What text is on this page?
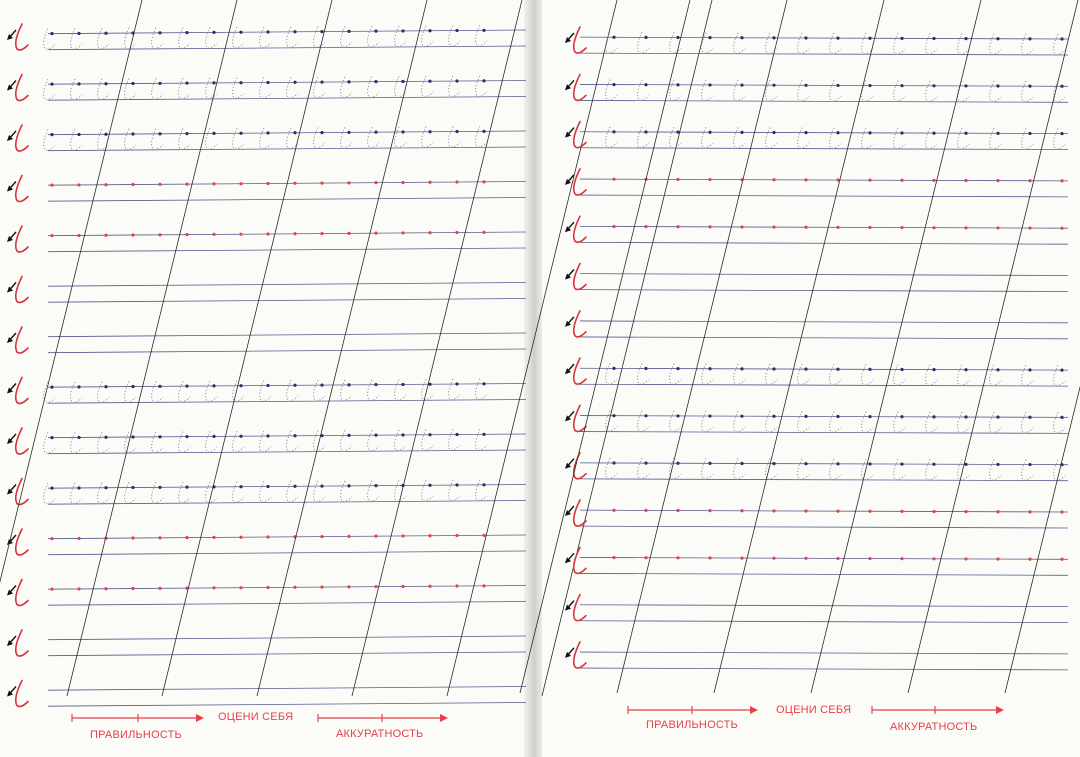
ПРАВИЛЬНОСТЬ
ОЦЕНИ СЕБЯ
АККУРАТНОСТЬ
ПРАВИЛЬНОСТЬ
ОЦЕНИ СЕБЯ
АККУРАТНОСТЬ
